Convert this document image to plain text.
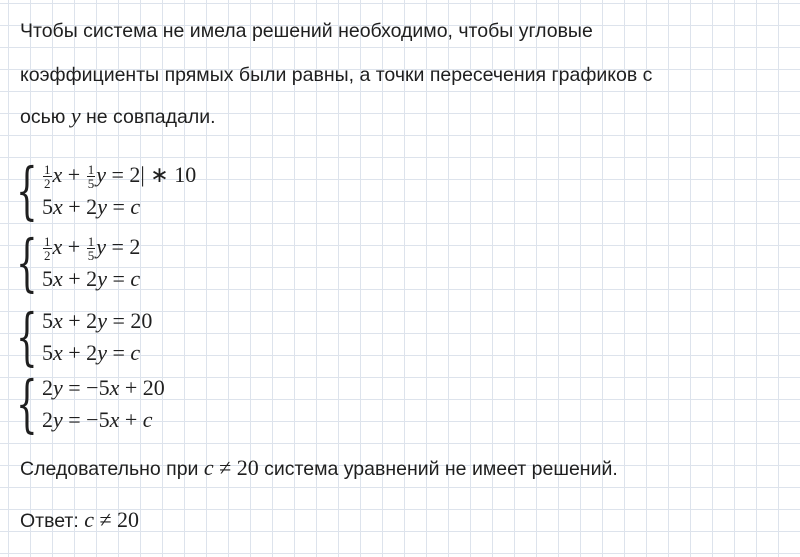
Чтобы система не имела решений необходимо, чтобы угловые
коэффициенты прямых были равны, а точки пересечения графиков с
осью y не совпадали.
{ $\frac{1}{2}$ $x + \frac{1}{5}$ y = 2| ∗ 10
5x + 2y = c
{ $\frac{1}{2}$ $x + \frac{1}{5}$ y = 2
5x + 2y = c
{ 5x + 2y = 20
5x + 2y = c
{ 2y = −5x + 20
2y = −5x + c
Следовательно при c ≠ 20 система уравнений не имеет решений.
Ответ: c ≠ 20
